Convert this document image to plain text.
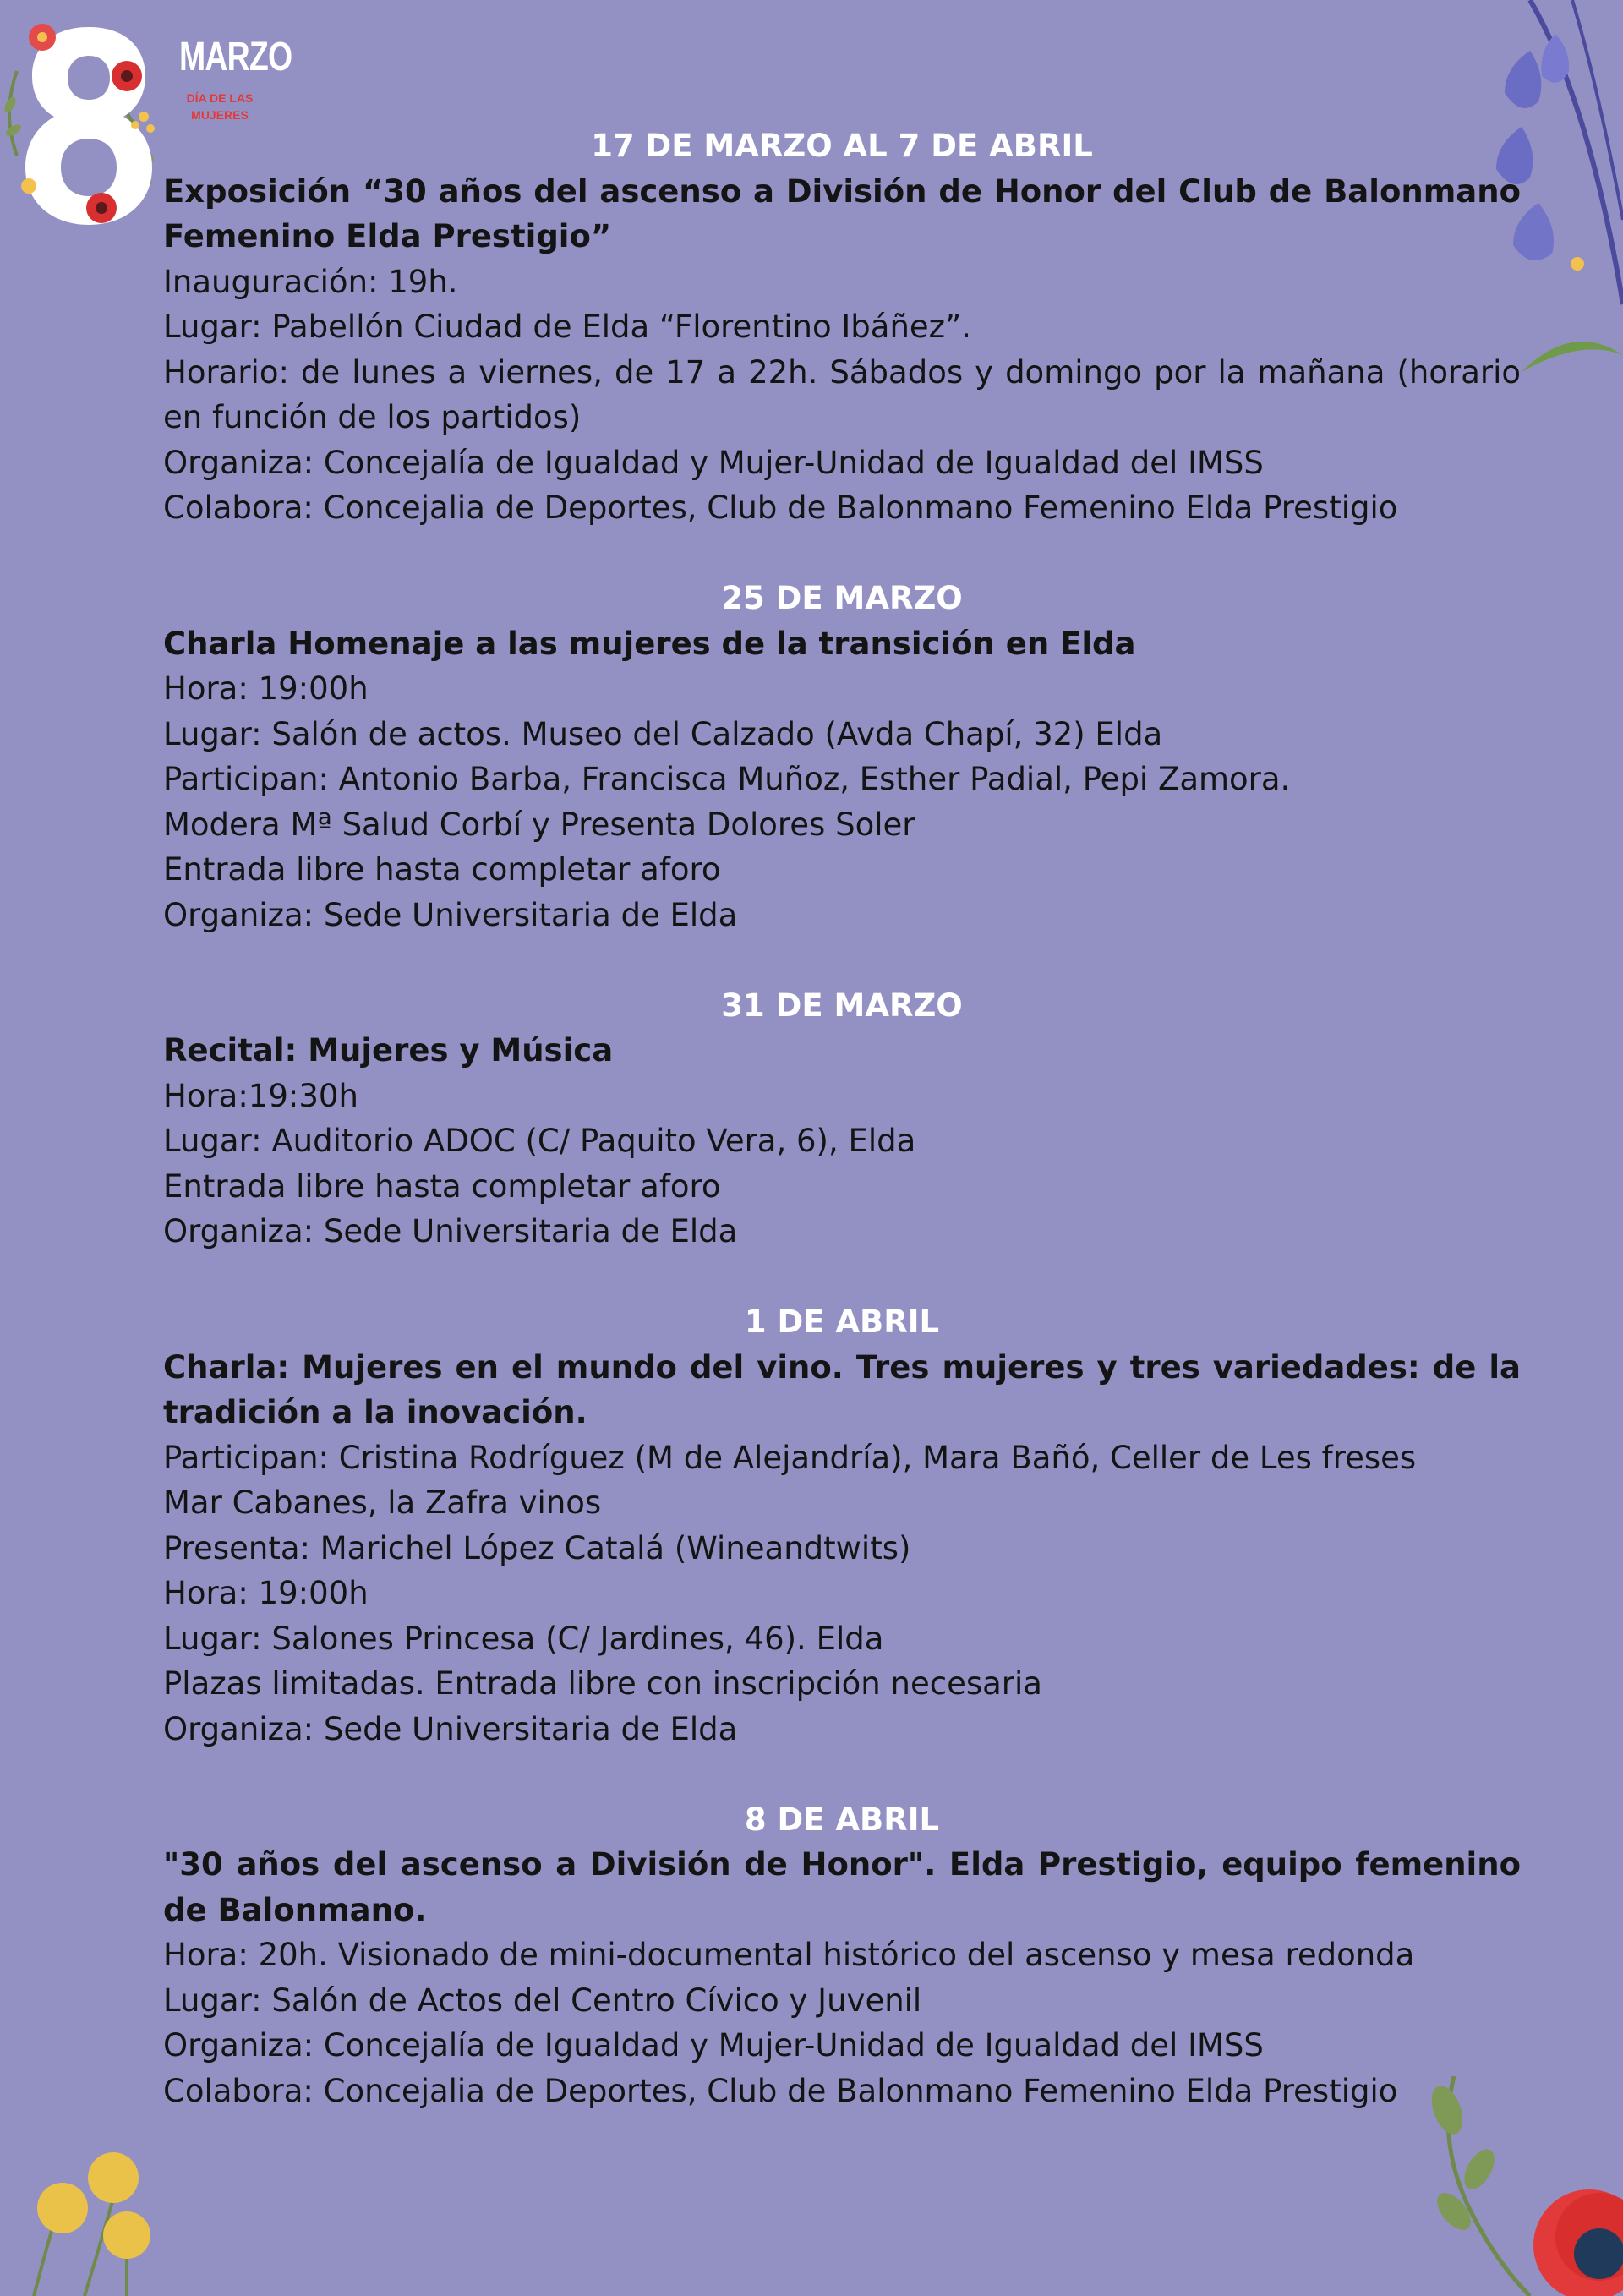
MARZO
DÍA DE LAS MUJERES
17 DE MARZO AL 7 DE ABRIL
Exposición “30 años del ascenso a División de Honor del Club de Balonmano Femenino Elda Prestigio”
Inauguración: 19h.
Lugar: Pabellón Ciudad de Elda “Florentino Ibáñez”.
Horario: de lunes a viernes, de 17 a 22h. Sábados y domingo por la mañana (horario en función de los partidos)
Organiza: Concejalía de Igualdad y Mujer-Unidad de Igualdad del IMSS
Colabora: Concejalia de Deportes, Club de Balonmano Femenino Elda Prestigio
25 DE MARZO
Charla Homenaje a las mujeres de la transición en Elda
Hora: 19:00h
Lugar: Salón de actos. Museo del Calzado (Avda Chapí, 32) Elda
Participan: Antonio Barba, Francisca Muñoz, Esther Padial, Pepi Zamora.
Modera Mª Salud Corbí y Presenta Dolores Soler
Entrada libre hasta completar aforo
Organiza: Sede Universitaria de Elda
31 DE MARZO
Recital: Mujeres y Música
Hora:19:30h
Lugar: Auditorio ADOC (C/ Paquito Vera, 6), Elda
Entrada libre hasta completar aforo
Organiza: Sede Universitaria de Elda
1 DE ABRIL
Charla: Mujeres en el mundo del vino. Tres mujeres y tres variedades: de la tradición a la inovación.
Participan: Cristina Rodríguez (M de Alejandría), Mara Bañó, Celler de Les freses
Mar Cabanes, la Zafra vinos
Presenta: Marichel López Catalá (Wineandtwits)
Hora: 19:00h
Lugar: Salones Princesa (C/ Jardines, 46). Elda
Plazas limitadas. Entrada libre con inscripción necesaria
Organiza: Sede Universitaria de Elda
8 DE ABRIL
"30 años del ascenso a División de Honor". Elda Prestigio, equipo femenino de Balonmano.
Hora: 20h. Visionado de mini-documental histórico del ascenso y mesa redonda
Lugar: Salón de Actos del Centro Cívico y Juvenil
Organiza: Concejalía de Igualdad y Mujer-Unidad de Igualdad del IMSS
Colabora: Concejalia de Deportes, Club de Balonmano Femenino Elda Prestigio
